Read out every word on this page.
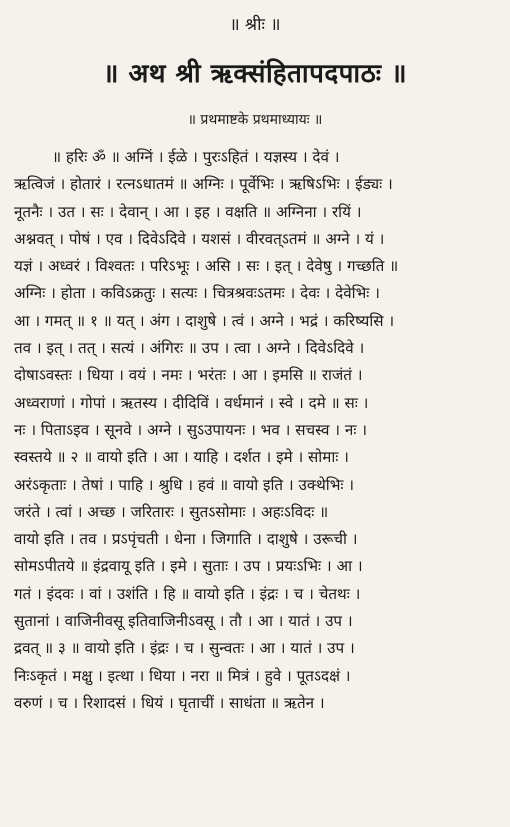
॥ श्रीः ॥
॥ अथ श्री ऋक्संहितापदपाठः ॥
॥ प्रथमाष्टके प्रथमाध्यायः ॥
॥ हरिः ॐ ॥ अग्निं । ईळे । पुरःऽहितं । यज्ञस्य । देवं ।
ऋत्विजं । होतारं । रत्नऽधातमं ॥ अग्निः । पूर्वेभिः । ऋषिऽभिः । ईड्यः ।
नूतनैः । उत । सः । देवान् । आ । इह । वक्षति ॥ अग्निना । रयिं ।
अश्नवत् । पोषं । एव । दिवेऽदिवे । यशसं । वीरवत्ऽतमं ॥ अग्ने । यं ।
यज्ञं । अध्वरं । विश्वतः । परिऽभूः । असि । सः । इत् । देवेषु । गच्छति ॥
अग्निः । होता । कविऽक्रतुः । सत्यः । चित्रश्रवःऽतमः । देवः । देवेभिः ।
आ । गमत् ॥ १ ॥ यत् । अंग । दाशुषे । त्वं । अग्ने । भद्रं । करिष्यसि ।
तव । इत् । तत् । सत्यं । अंगिरः ॥ उप । त्वा । अग्ने । दिवेऽदिवे ।
दोषाऽवस्तः । धिया । वयं । नमः । भरंतः । आ । इमसि ॥ राजंतं ।
अध्वराणां । गोपां । ऋतस्य । दीदिविं । वर्धमानं । स्वे । दमे ॥ सः ।
नः । पिताऽइव । सूनवे । अग्ने । सुऽउपायनः । भव । सचस्व । नः ।
स्वस्तये ॥ २ ॥ वायो इति । आ । याहि । दर्शत । इमे । सोमाः ।
अरंऽकृताः । तेषां । पाहि । श्रुधि । हवं ॥ वायो इति । उक्थेभिः ।
जरंते । त्वां । अच्छ । जरितारः । सुतऽसोमाः । अहःऽविदः ॥
वायो इति । तव । प्रऽपृंचती । धेना । जिगाति । दाशुषे । उरूची ।
सोमऽपीतये ॥ इंद्रवायू इति । इमे । सुताः । उप । प्रयःऽभिः । आ ।
गतं । इंदवः । वां । उशंति । हि ॥ वायो इति । इंद्रः । च । चेतथः ।
सुतानां । वाजिनीवसू इतिवाजिनीऽवसू । तौ । आ । यातं । उप ।
द्रवत् ॥ ३ ॥ वायो इति । इंद्रः । च । सुन्वतः । आ । यातं । उप ।
निःऽकृतं । मक्षु । इत्था । धिया । नरा ॥ मित्रं । हुवे । पूतऽदक्षं ।
वरुणं । च । रिशादसं । धियं । घृताचीं । साधंता ॥ ऋतेन ।
